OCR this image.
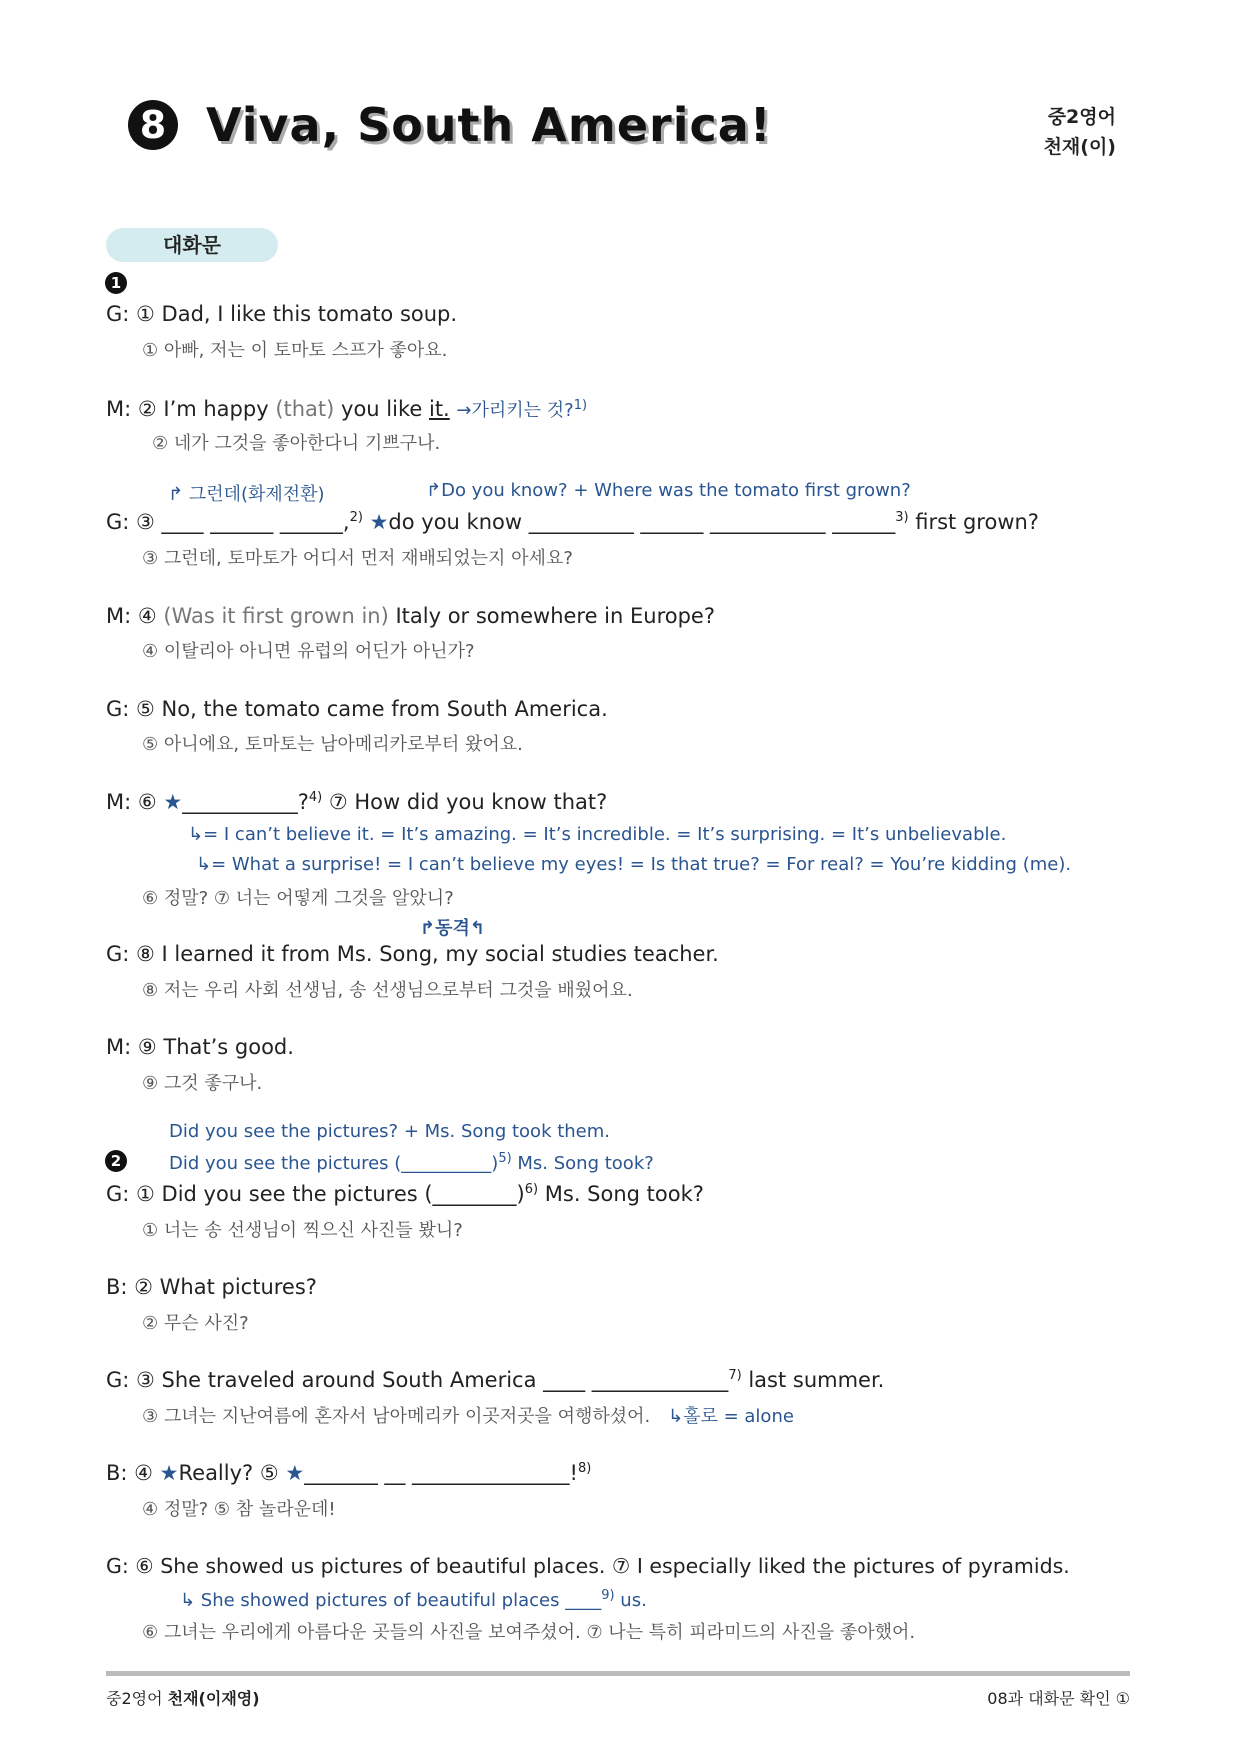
8 Viva, South America!	중2영어
천재(이)
대화문
1
G: ① Dad, I like this tomato soup.
① 아빠, 저는 이 토마토 스프가 좋아요.
M: ② I’m happy (that) you like it. →가리키는 것?$^{1)}$
② 네가 그것을 좋아한다니 기쁘구나.
↱ 그런데(화제전환)	↱Do you know? + Where was the tomato first grown?
G: ③ ____ ______ ______,$^{2)}$ ★do you know __________ ______ ___________ ______$^{3)}$ first grown?
③ 그런데, 토마토가 어디서 먼저 재배되었는지 아세요?
M: ④ (Was it first grown in) Italy or somewhere in Europe?
④ 이탈리아 아니면 유럽의 어딘가 아닌가?
G: ⑤ No, the tomato came from South America.
⑤ 아니에요, 토마토는 남아메리카로부터 왔어요.
M: ⑥ ★___________?$^{4)}$ ⑦ How did you know that?
↳= I can’t believe it. = It’s amazing. = It’s incredible. = It’s surprising. = It’s unbelievable.
↳= What a surprise! = I can’t believe my eyes! = Is that true? = For real? = You’re kidding (me).
⑥ 정말? ⑦ 너는 어떻게 그것을 알았니?
↱동격↰
G: ⑧ I learned it from Ms. Song, my social studies teacher.
⑧ 저는 우리 사회 선생님, 송 선생님으로부터 그것을 배웠어요.
M: ⑨ That’s good.
⑨ 그것 좋구나.
Did you see the pictures? + Ms. Song took them.
2	Did you see the pictures (__________)$^{5)}$ Ms. Song took?
G: ① Did you see the pictures (________)$^{6)}$ Ms. Song took?
① 너는 송 선생님이 찍으신 사진들 봤니?
B: ② What pictures?
② 무슨 사진?
G: ③ She traveled around South America ____ _____________$^{7)}$ last summer.
③ 그녀는 지난여름에 혼자서 남아메리카 이곳저곳을 여행하셨어. ↳홀로 = alone
B: ④ ★Really? ⑤ ★_______ __ _______________!$^{8)}$
④ 정말? ⑤ 참 놀라운데!
G: ⑥ She showed us pictures of beautiful places. ⑦ I especially liked the pictures of pyramids.
↳ She showed pictures of beautiful places ____$^{9)}$ us.
⑥ 그녀는 우리에게 아름다운 곳들의 사진을 보여주셨어. ⑦ 나는 특히 피라미드의 사진을 좋아했어.
중2영어 천재(이재영)	08과 대화문 확인 ①
